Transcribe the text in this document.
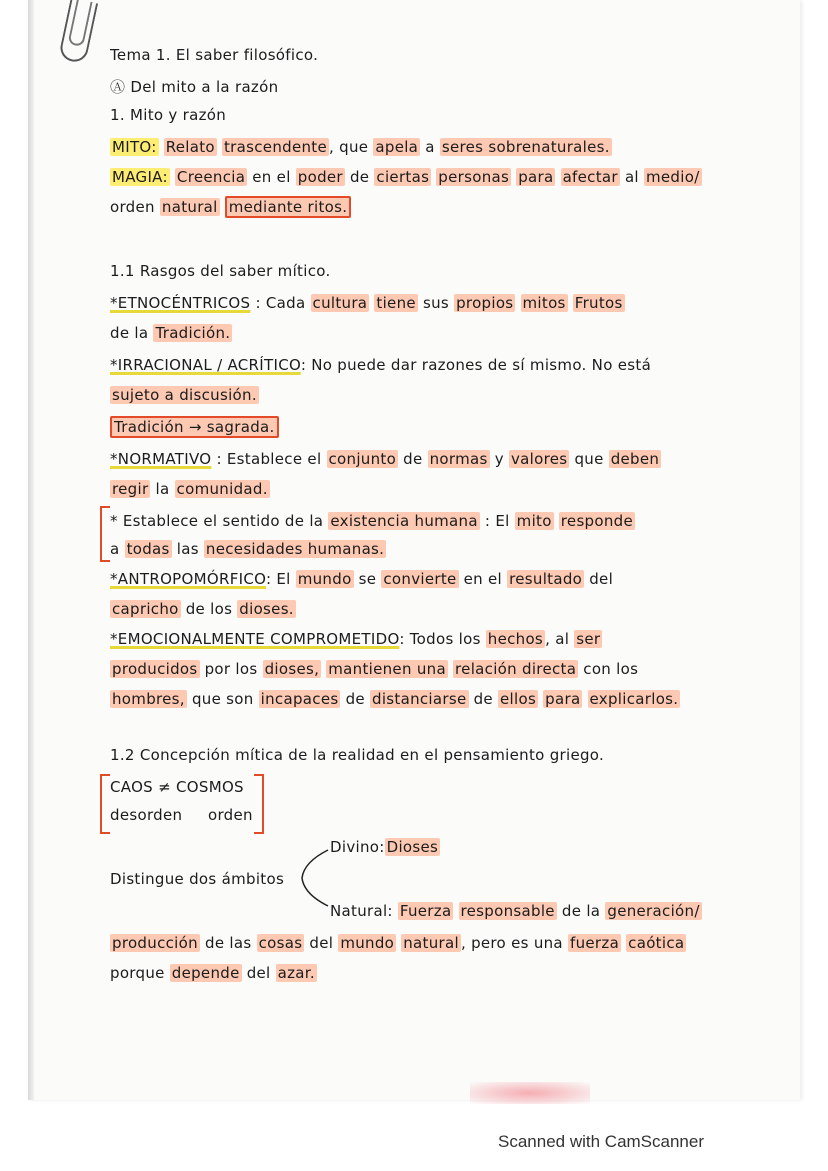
Tema 1. El saber filosófico.
Ⓐ Del mito a la razón
1. Mito y razón
MITO: Relato trascendente , que apela a seres sobrenaturales.
MAGIA: Creencia en el poder de ciertas personas para afectar al medio/
orden natural mediante ritos.
1.1 Rasgos del saber mítico.
*ETNOCÉNTRICOS : Cada cultura tiene sus propios mitos Frutos
de la Tradición.
*IRRACIONAL / ACRÍTICO: No puede dar razones de sí mismo. No está
sujeto a discusión.
Tradición → sagrada.
*NORMATIVO : Establece el conjunto de normas y valores que deben
regir la comunidad.
* Establece el sentido de la existencia humana : El mito responde
a todas las necesidades humanas.
*ANTROPOMÓRFICO: El mundo se convierte en el resultado del
capricho de los dioses.
*EMOCIONALMENTE COMPROMETIDO: Todos los hechos , al ser
producidos por los dioses, mantienen una relación directa con los
hombres, que son incapaces de distanciarse de ellos para explicarlos.
1.2 Concepción mítica de la realidad en el pensamiento griego.
CAOS ≠ COSMOS
desorden orden
Divino: Dioses
Distingue dos ámbitos
Natural: Fuerza responsable de la generación/
producción de las cosas del mundo natural , pero es una fuerza caótica
porque depende del azar.
Scanned with CamScanner
